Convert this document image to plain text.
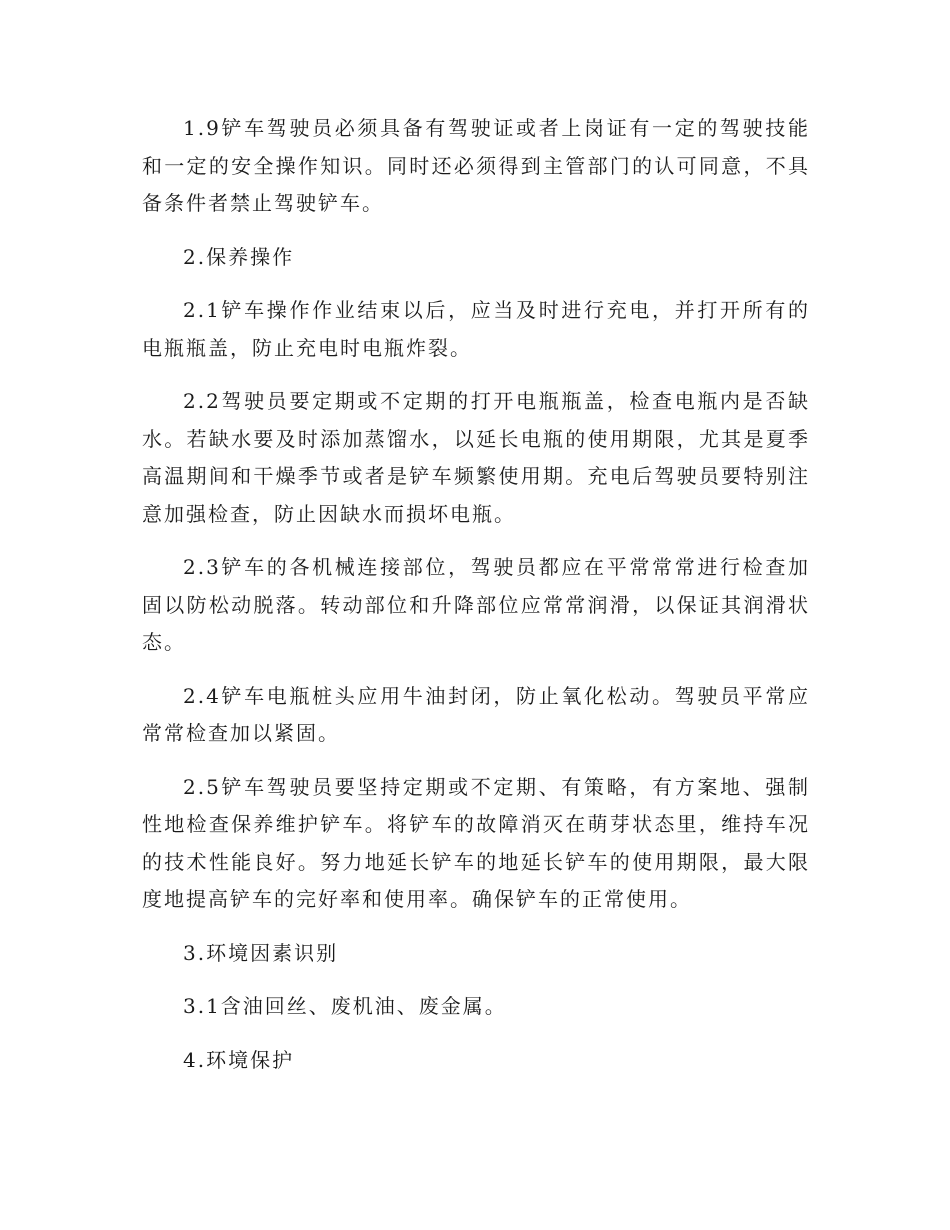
1.9铲车驾驶员必须具备有驾驶证或者上岗证有一定的驾驶技能和一定的安全操作知识。同时还必须得到主管部门的认可同意，不具备条件者禁止驾驶铲车。

2.保养操作

2.1铲车操作作业结束以后，应当及时进行充电，并打开所有的电瓶瓶盖，防止充电时电瓶炸裂。

2.2驾驶员要定期或不定期的打开电瓶瓶盖，检查电瓶内是否缺水。若缺水要及时添加蒸馏水，以延长电瓶的使用期限，尤其是夏季高温期间和干燥季节或者是铲车频繁使用期。充电后驾驶员要特别注意加强检查，防止因缺水而损坏电瓶。

2.3铲车的各机械连接部位，驾驶员都应在平常常常进行检查加固以防松动脱落。转动部位和升降部位应常常润滑，以保证其润滑状态。

2.4铲车电瓶桩头应用牛油封闭，防止氧化松动。驾驶员平常应常常检查加以紧固。

2.5铲车驾驶员要坚持定期或不定期、有策略，有方案地、强制性地检查保养维护铲车。将铲车的故障消灭在萌芽状态里，维持车况的技术性能良好。努力地延长铲车的地延长铲车的使用期限，最大限度地提高铲车的完好率和使用率。确保铲车的正常使用。

3.环境因素识别

3.1含油回丝、废机油、废金属。

4.环境保护
